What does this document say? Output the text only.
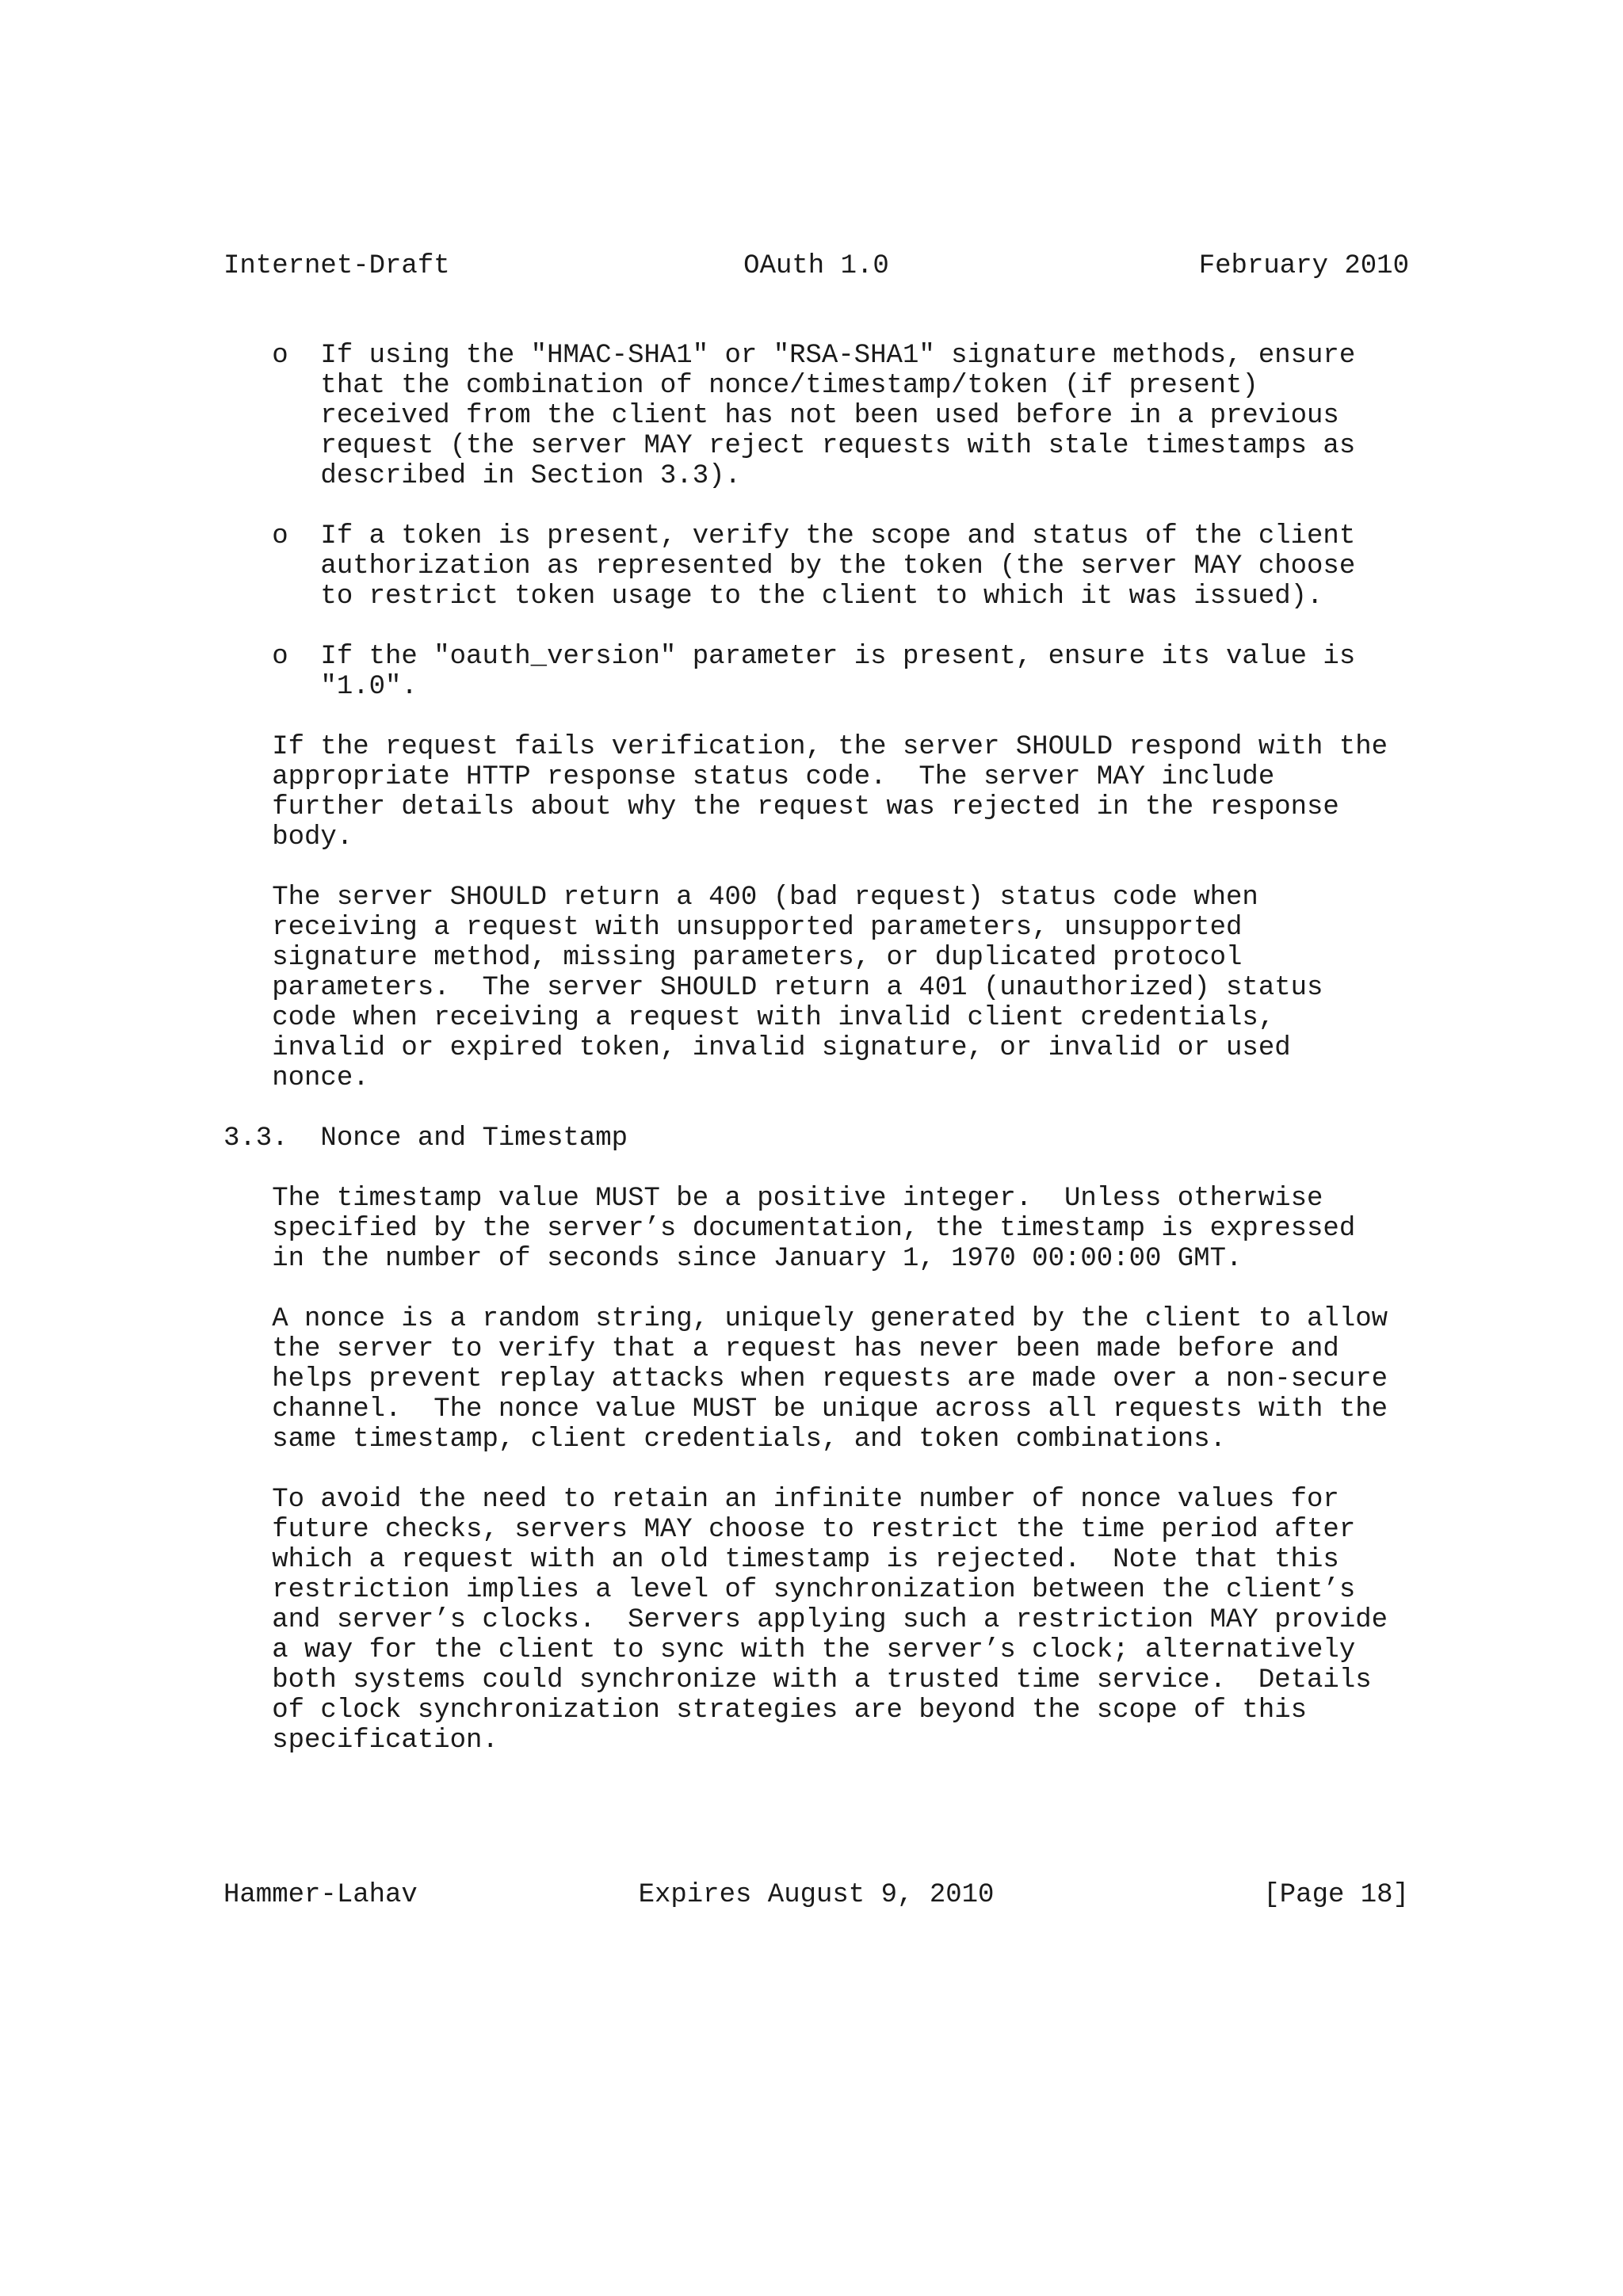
Internet-Draft	OAuth 1.0	February 2010
o  If using the "HMAC-SHA1" or "RSA-SHA1" signature methods, ensure
that the combination of nonce/timestamp/token (if present)
received from the client has not been used before in a previous
request (the server MAY reject requests with stale timestamps as
described in Section 3.3).
o  If a token is present, verify the scope and status of the client
authorization as represented by the token (the server MAY choose
to restrict token usage to the client to which it was issued).
o  If the "oauth_version" parameter is present, ensure its value is
"1.0".
If the request fails verification, the server SHOULD respond with the
appropriate HTTP response status code.  The server MAY include
further details about why the request was rejected in the response
body.
The server SHOULD return a 400 (bad request) status code when
receiving a request with unsupported parameters, unsupported
signature method, missing parameters, or duplicated protocol
parameters.  The server SHOULD return a 401 (unauthorized) status
code when receiving a request with invalid client credentials,
invalid or expired token, invalid signature, or invalid or used
nonce.
3.3.  Nonce and Timestamp
The timestamp value MUST be a positive integer.  Unless otherwise
specified by the server’s documentation, the timestamp is expressed
in the number of seconds since January 1, 1970 00:00:00 GMT.
A nonce is a random string, uniquely generated by the client to allow
the server to verify that a request has never been made before and
helps prevent replay attacks when requests are made over a non-secure
channel.  The nonce value MUST be unique across all requests with the
same timestamp, client credentials, and token combinations.
To avoid the need to retain an infinite number of nonce values for
future checks, servers MAY choose to restrict the time period after
which a request with an old timestamp is rejected.  Note that this
restriction implies a level of synchronization between the client’s
and server’s clocks.  Servers applying such a restriction MAY provide
a way for the client to sync with the server’s clock; alternatively
both systems could synchronize with a trusted time service.  Details
of clock synchronization strategies are beyond the scope of this
specification.
Hammer-Lahav	Expires August 9, 2010	[Page 18]
